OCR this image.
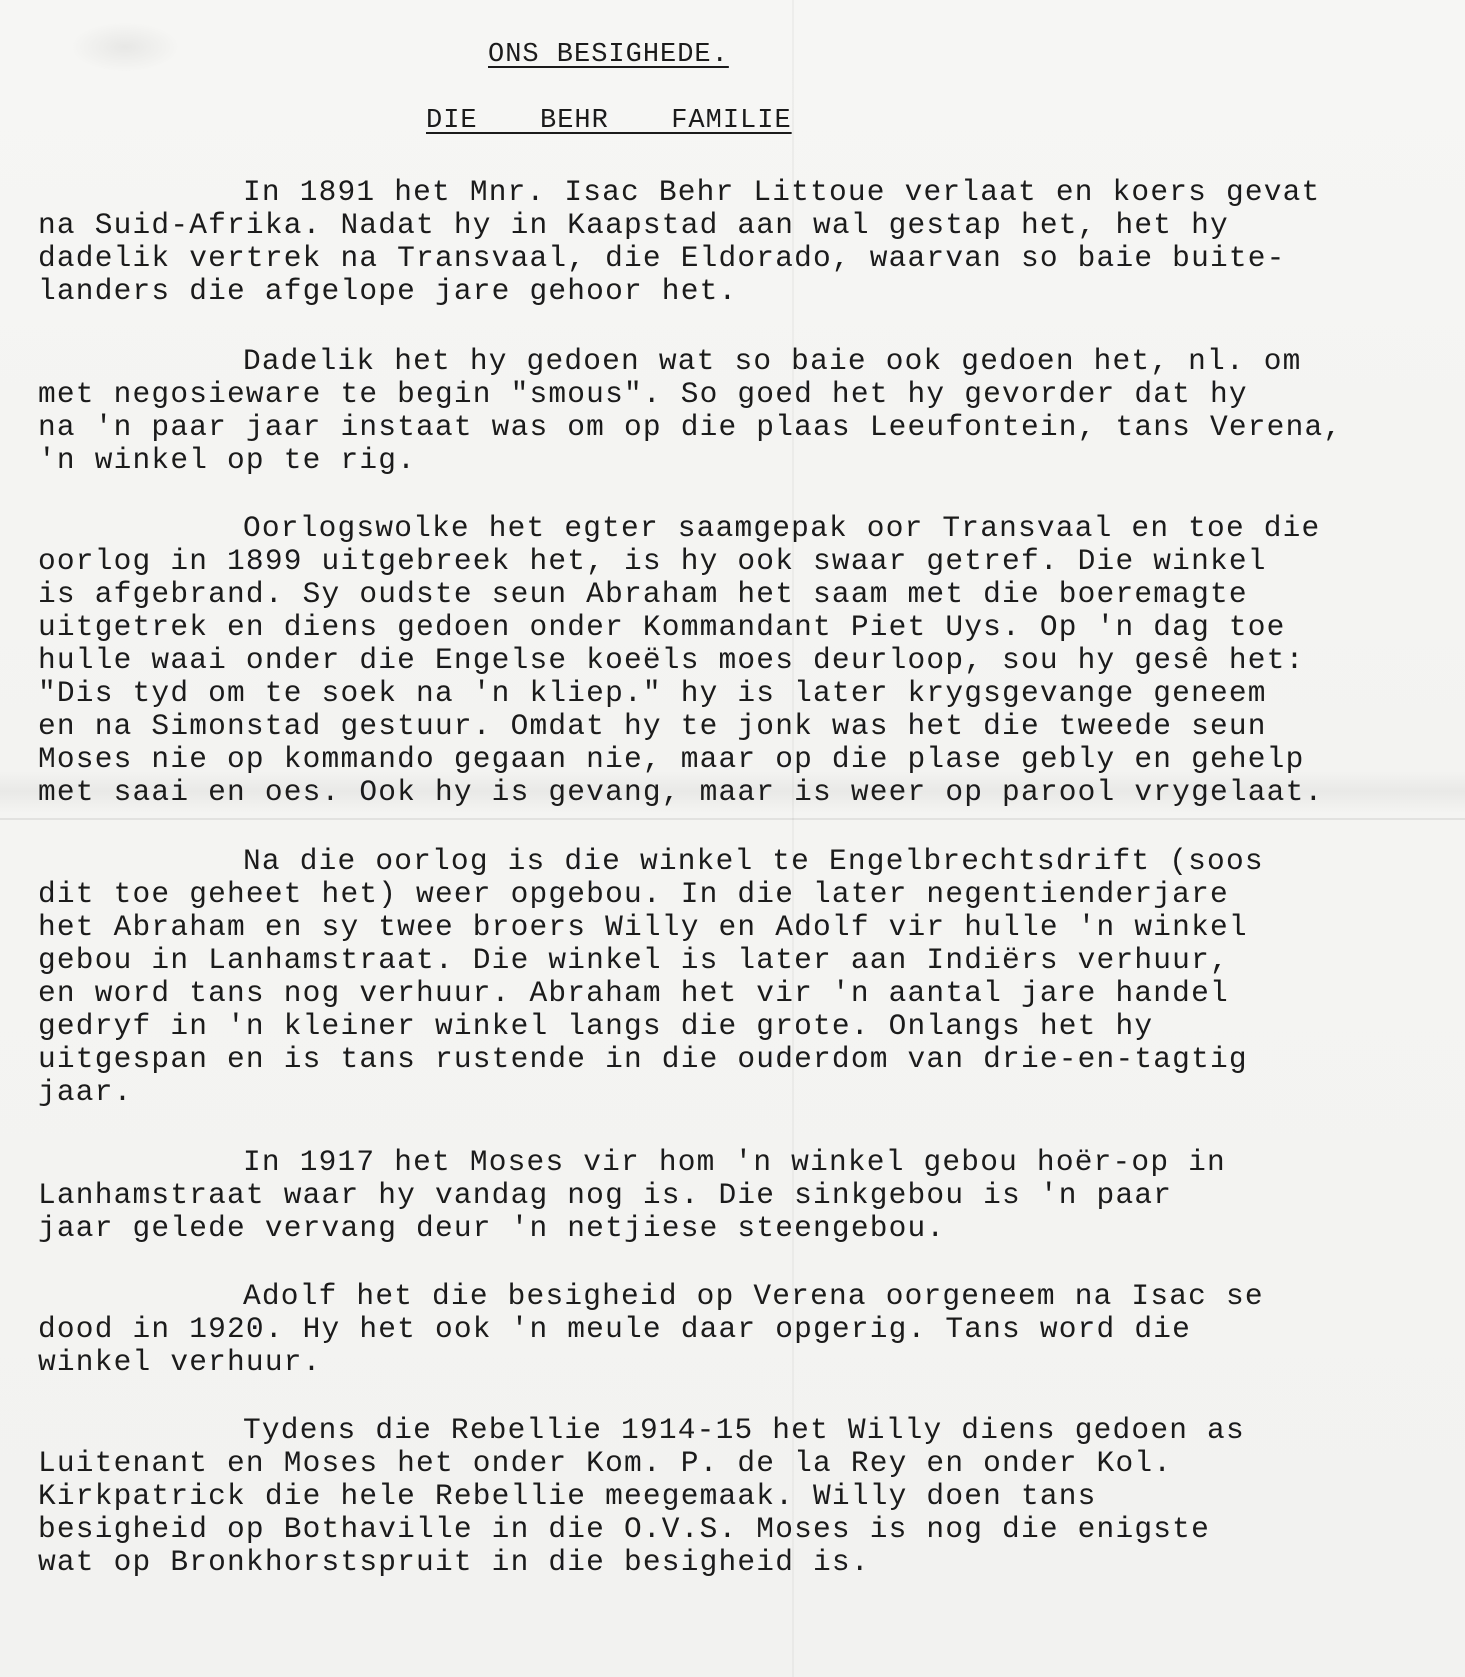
ONS BESIGHEDE.
DIE  BEHR  FAMILIE

In 1891 het Mnr. Isac Behr Littoue verlaat en koers gevat
na Suid-Afrika. Nadat hy in Kaapstad aan wal gestap het, het hy
dadelik vertrek na Transvaal, die Eldorado, waarvan so baie buite-
landers die afgelope jare gehoor het.

Dadelik het hy gedoen wat so baie ook gedoen het, nl. om
met negosieware te begin "smous". So goed het hy gevorder dat hy
na 'n paar jaar instaat was om op die plaas Leeufontein, tans Verena,
'n winkel op te rig.

Oorlogswolke het egter saamgepak oor Transvaal en toe die
oorlog in 1899 uitgebreek het, is hy ook swaar getref. Die winkel
is afgebrand. Sy oudste seun Abraham het saam met die boeremagte
uitgetrek en diens gedoen onder Kommandant Piet Uys. Op 'n dag toe
hulle waai onder die Engelse koeëls moes deurloop, sou hy gesê het:
"Dis tyd om te soek na 'n kliep." hy is later krygsgevange geneem
en na Simonstad gestuur. Omdat hy te jonk was het die tweede seun
Moses nie op kommando gegaan nie, maar op die plase gebly en gehelp
met saai en oes. Ook hy is gevang, maar is weer op parool vrygelaat.

Na die oorlog is die winkel te Engelbrechtsdrift (soos
dit toe geheet het) weer opgebou. In die later negentienderjare
het Abraham en sy twee broers Willy en Adolf vir hulle 'n winkel
gebou in Lanhamstraat. Die winkel is later aan Indiërs verhuur,
en word tans nog verhuur. Abraham het vir 'n aantal jare handel
gedryf in 'n kleiner winkel langs die grote. Onlangs het hy
uitgespan en is tans rustende in die ouderdom van drie-en-tagtig
jaar.

In 1917 het Moses vir hom 'n winkel gebou hoër-op in
Lanhamstraat waar hy vandag nog is. Die sinkgebou is 'n paar
jaar gelede vervang deur 'n netjiese steengebou.

Adolf het die besigheid op Verena oorgeneem na Isac se
dood in 1920. Hy het ook 'n meule daar opgerig. Tans word die
winkel verhuur.

Tydens die Rebellie 1914-15 het Willy diens gedoen as
Luitenant en Moses het onder Kom. P. de la Rey en onder Kol.
Kirkpatrick die hele Rebellie meegemaak. Willy doen tans
besigheid op Bothaville in die O.V.S. Moses is nog die enigste
wat op Bronkhorstspruit in die besigheid is.
